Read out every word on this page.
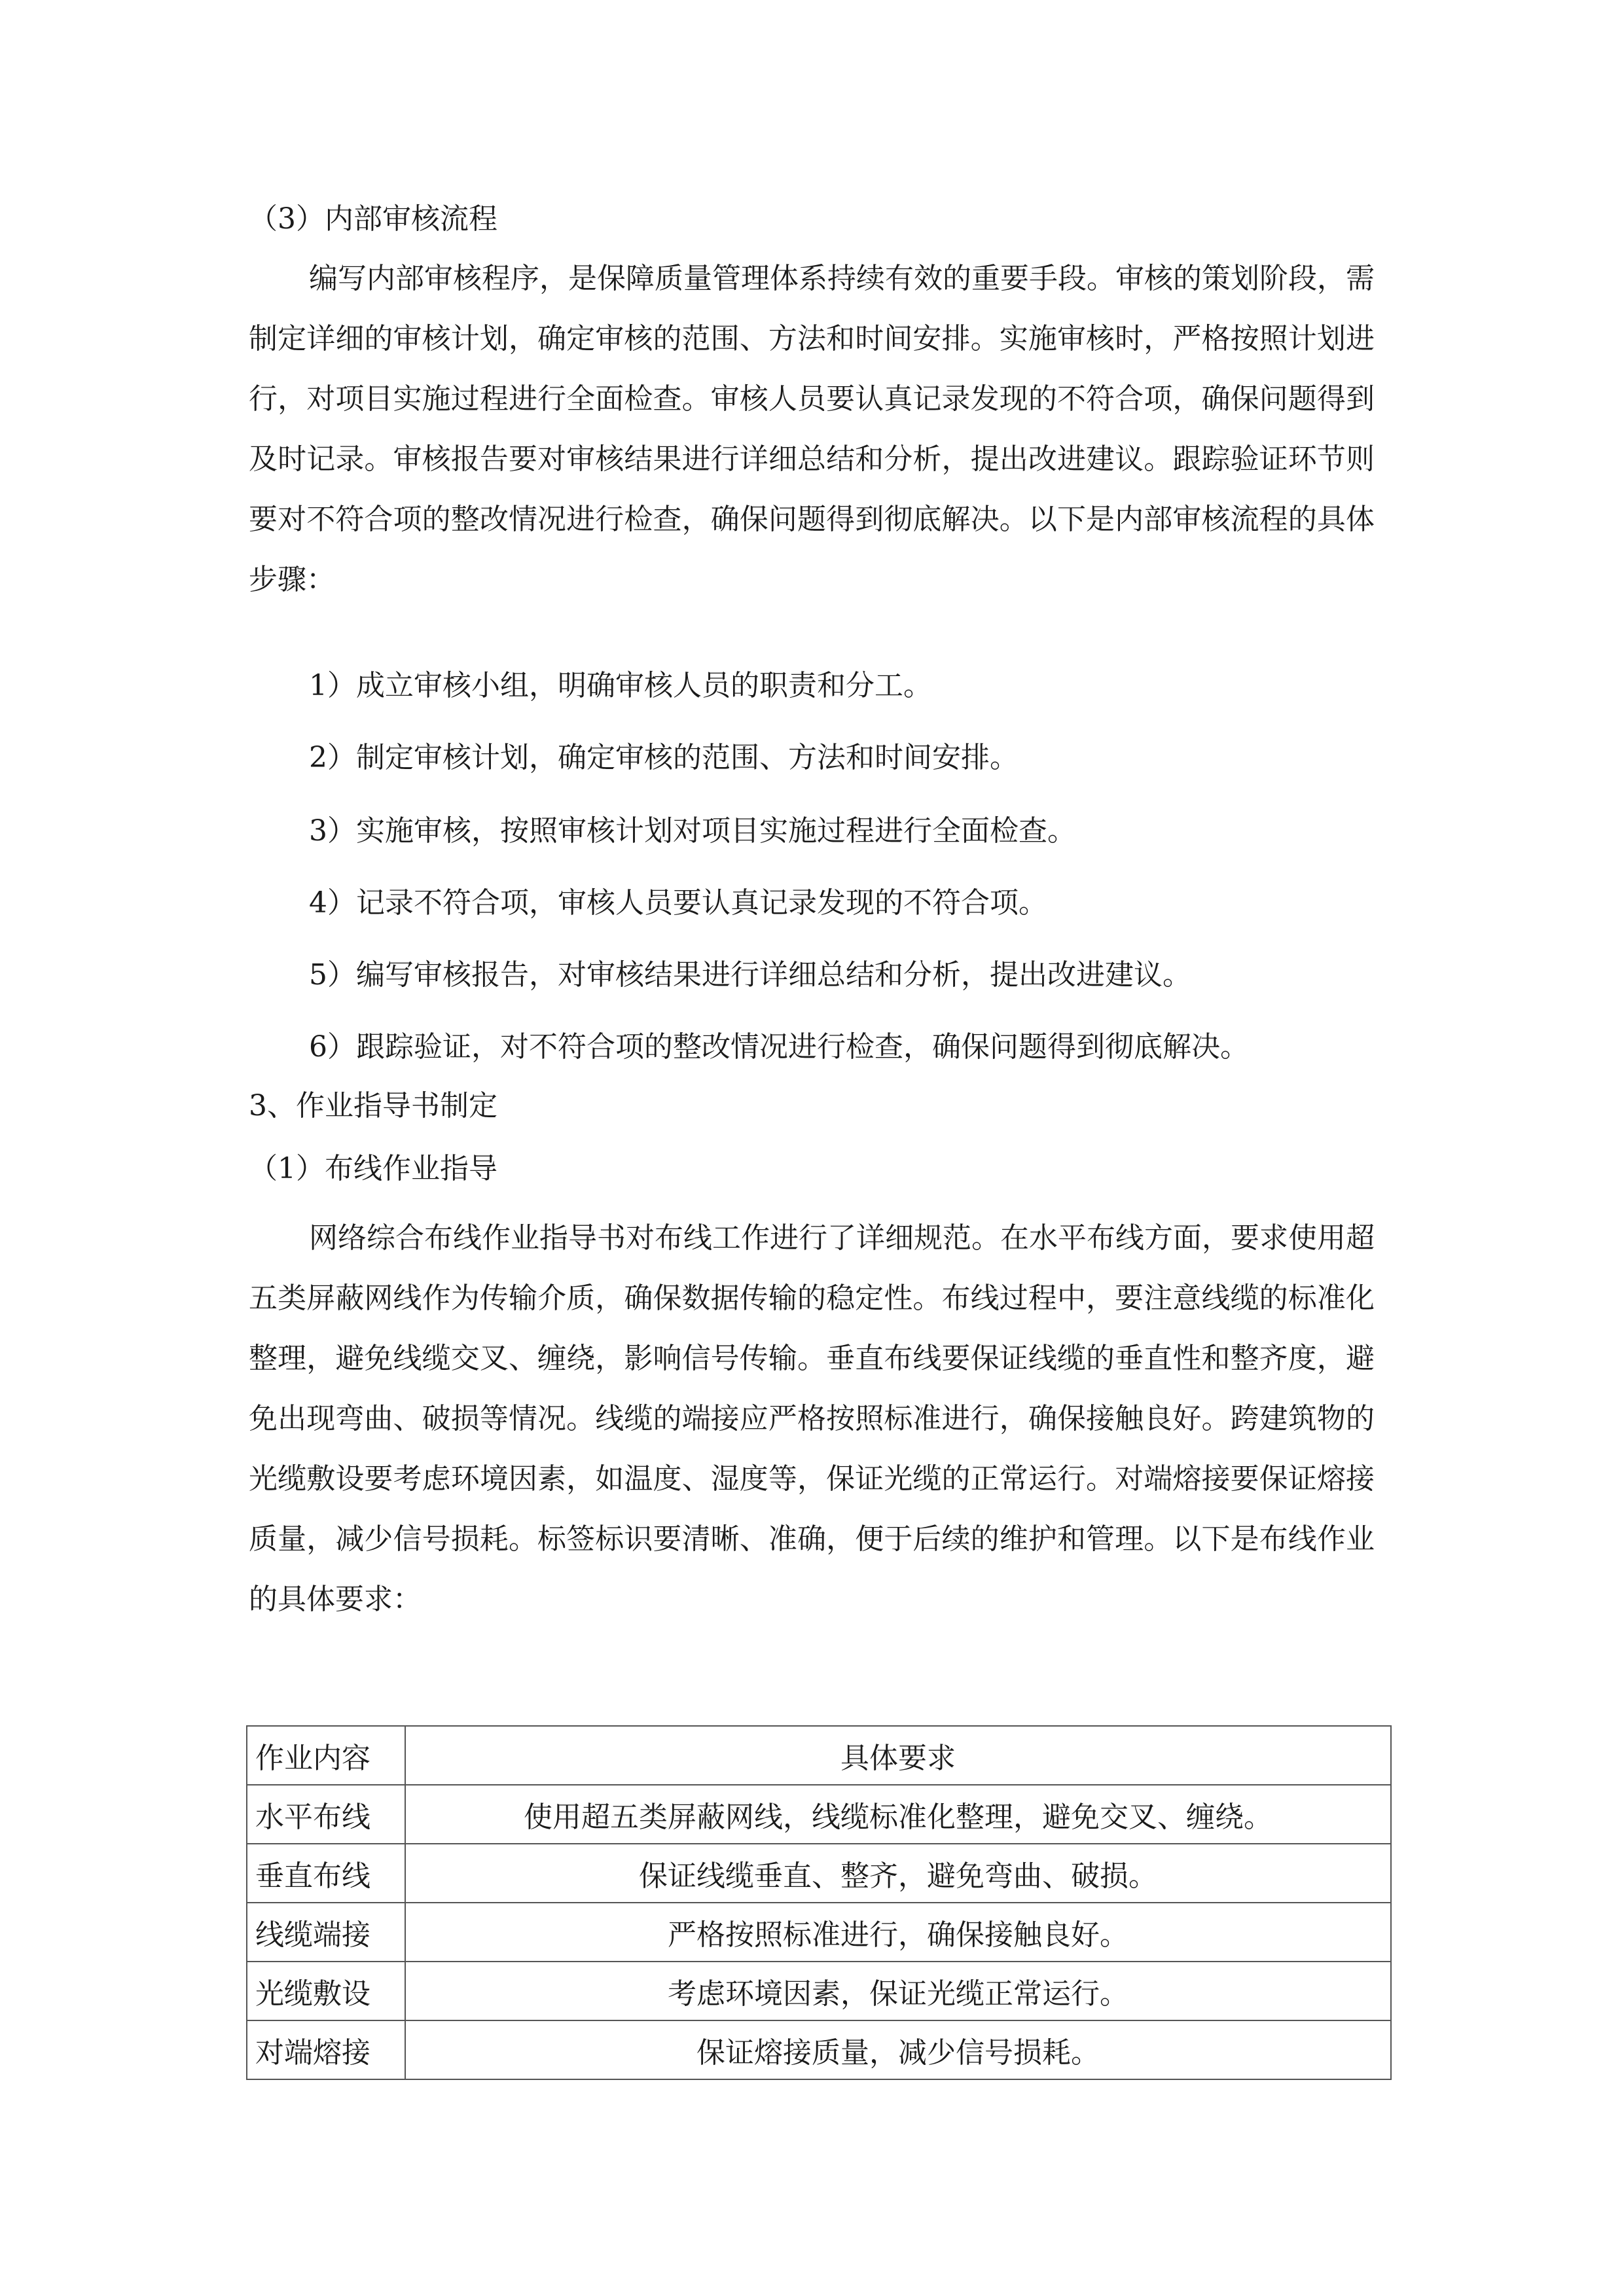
（3）内部审核流程
编写内部审核程序，是保障质量管理体系持续有效的重要手段。审核的策划阶段，需制定详细的审核计划，确定审核的范围、方法和时间安排。实施审核时，严格按照计划进行，对项目实施过程进行全面检查。审核人员要认真记录发现的不符合项，确保问题得到及时记录。审核报告要对审核结果进行详细总结和分析，提出改进建议。跟踪验证环节则要对不符合项的整改情况进行检查，确保问题得到彻底解决。以下是内部审核流程的具体步骤：
1）成立审核小组，明确审核人员的职责和分工。
2）制定审核计划，确定审核的范围、方法和时间安排。
3）实施审核，按照审核计划对项目实施过程进行全面检查。
4）记录不符合项，审核人员要认真记录发现的不符合项。
5）编写审核报告，对审核结果进行详细总结和分析，提出改进建议。
6）跟踪验证，对不符合项的整改情况进行检查，确保问题得到彻底解决。
3、作业指导书制定
（1）布线作业指导
网络综合布线作业指导书对布线工作进行了详细规范。在水平布线方面，要求使用超五类屏蔽网线作为传输介质，确保数据传输的稳定性。布线过程中，要注意线缆的标准化整理，避免线缆交叉、缠绕，影响信号传输。垂直布线要保证线缆的垂直性和整齐度，避免出现弯曲、破损等情况。线缆的端接应严格按照标准进行，确保接触良好。跨建筑物的光缆敷设要考虑环境因素，如温度、湿度等，保证光缆的正常运行。对端熔接要保证熔接质量，减少信号损耗。标签标识要清晰、准确，便于后续的维护和管理。以下是布线作业的具体要求：
作业内容	具体要求
水平布线	使用超五类屏蔽网线，线缆标准化整理，避免交叉、缠绕。
垂直布线	保证线缆垂直、整齐，避免弯曲、破损。
线缆端接	严格按照标准进行，确保接触良好。
光缆敷设	考虑环境因素，保证光缆正常运行。
对端熔接	保证熔接质量，减少信号损耗。
